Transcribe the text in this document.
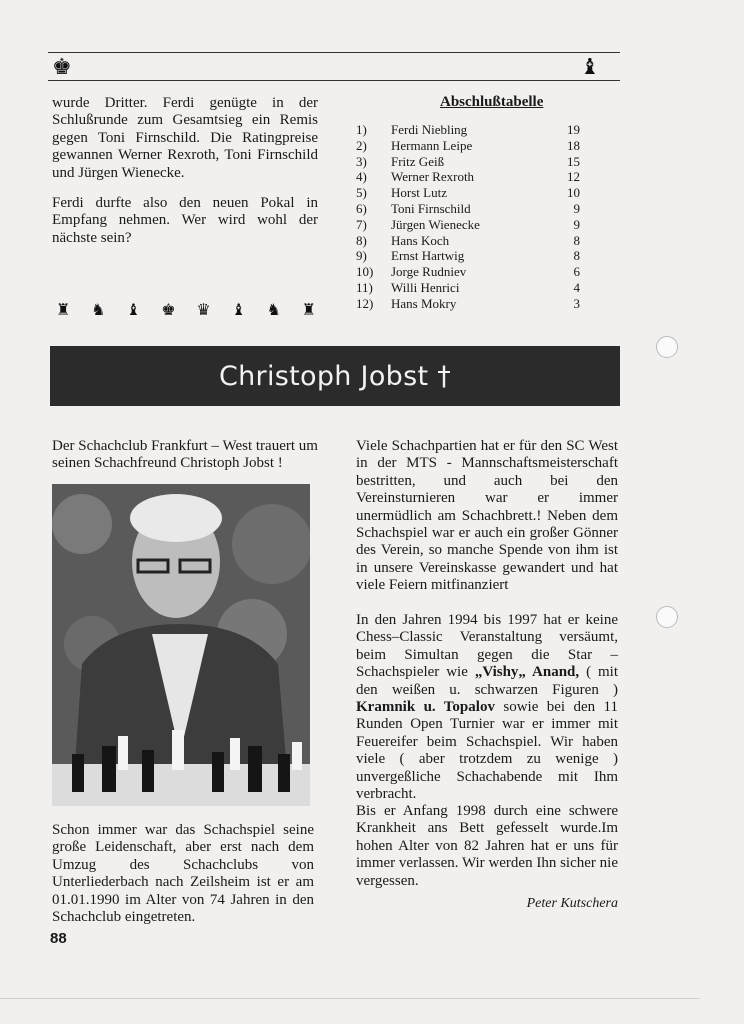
♚	♝
wurde Dritter. Ferdi genügte in der Schlußrunde zum Gesamtsieg ein Remis gegen Toni Firnschild. Die Ratingpreise gewannen Werner Rexroth, Toni Firnschild und Jürgen Wienecke.
Ferdi durfte also den neuen Pokal in Empfang nehmen. Wer wird wohl der nächste sein?
Abschlußtabelle
1)	Ferdi Niebling	19
2)	Hermann Leipe	18
3)	Fritz Geiß	15
4)	Werner Rexroth	12
5)	Horst Lutz	10
6)	Toni Firnschild	9
7)	Jürgen Wienecke	9
8)	Hans Koch	8
9)	Ernst Hartwig	8
10)	Jorge Rudniev	6
11)	Willi Henrici	4
12)	Hans Mokry	3
♜ ♞ ♝ ♚ ♛ ♝ ♞ ♜
Christoph Jobst †
Der Schachclub Frankfurt – West trauert um seinen Schachfreund Christoph Jobst !
Schon immer war das Schachspiel seine große Leidenschaft, aber erst nach dem Umzug des Schachclubs von Unterliederbach nach Zeilsheim ist er am 01.01.1990 im Alter von 74 Jahren in den Schachclub eingetreten.
Viele Schachpartien hat er für den SC West in der MTS - Mannschaftsmeisterschaft bestritten, und auch bei den Vereinsturnieren war er immer unermüdlich am Schachbrett.! Neben dem Schachspiel war er auch ein großer Gönner des Verein, so manche Spende von ihm ist in unsere Vereinskasse gewandert und hat viele Feiern mitfinanziert
In den Jahren 1994 bis 1997 hat er keine Chess–Classic Veranstaltung versäumt, beim Simultan gegen die Star –Schachspieler wie „Vishy„ Anand, ( mit den weißen u. schwarzen Figuren ) Kramnik u. Topalov sowie bei den 11 Runden Open Turnier war er immer mit Feuereifer beim Schachspiel. Wir haben viele ( aber trotzdem zu wenige ) unvergeßliche Schachabende mit Ihm verbracht.
Bis er Anfang 1998 durch eine schwere Krankheit ans Bett gefesselt wurde.Im hohen Alter von 82 Jahren hat er uns für immer verlassen. Wir werden Ihn sicher nie vergessen.
Peter Kutschera
88
